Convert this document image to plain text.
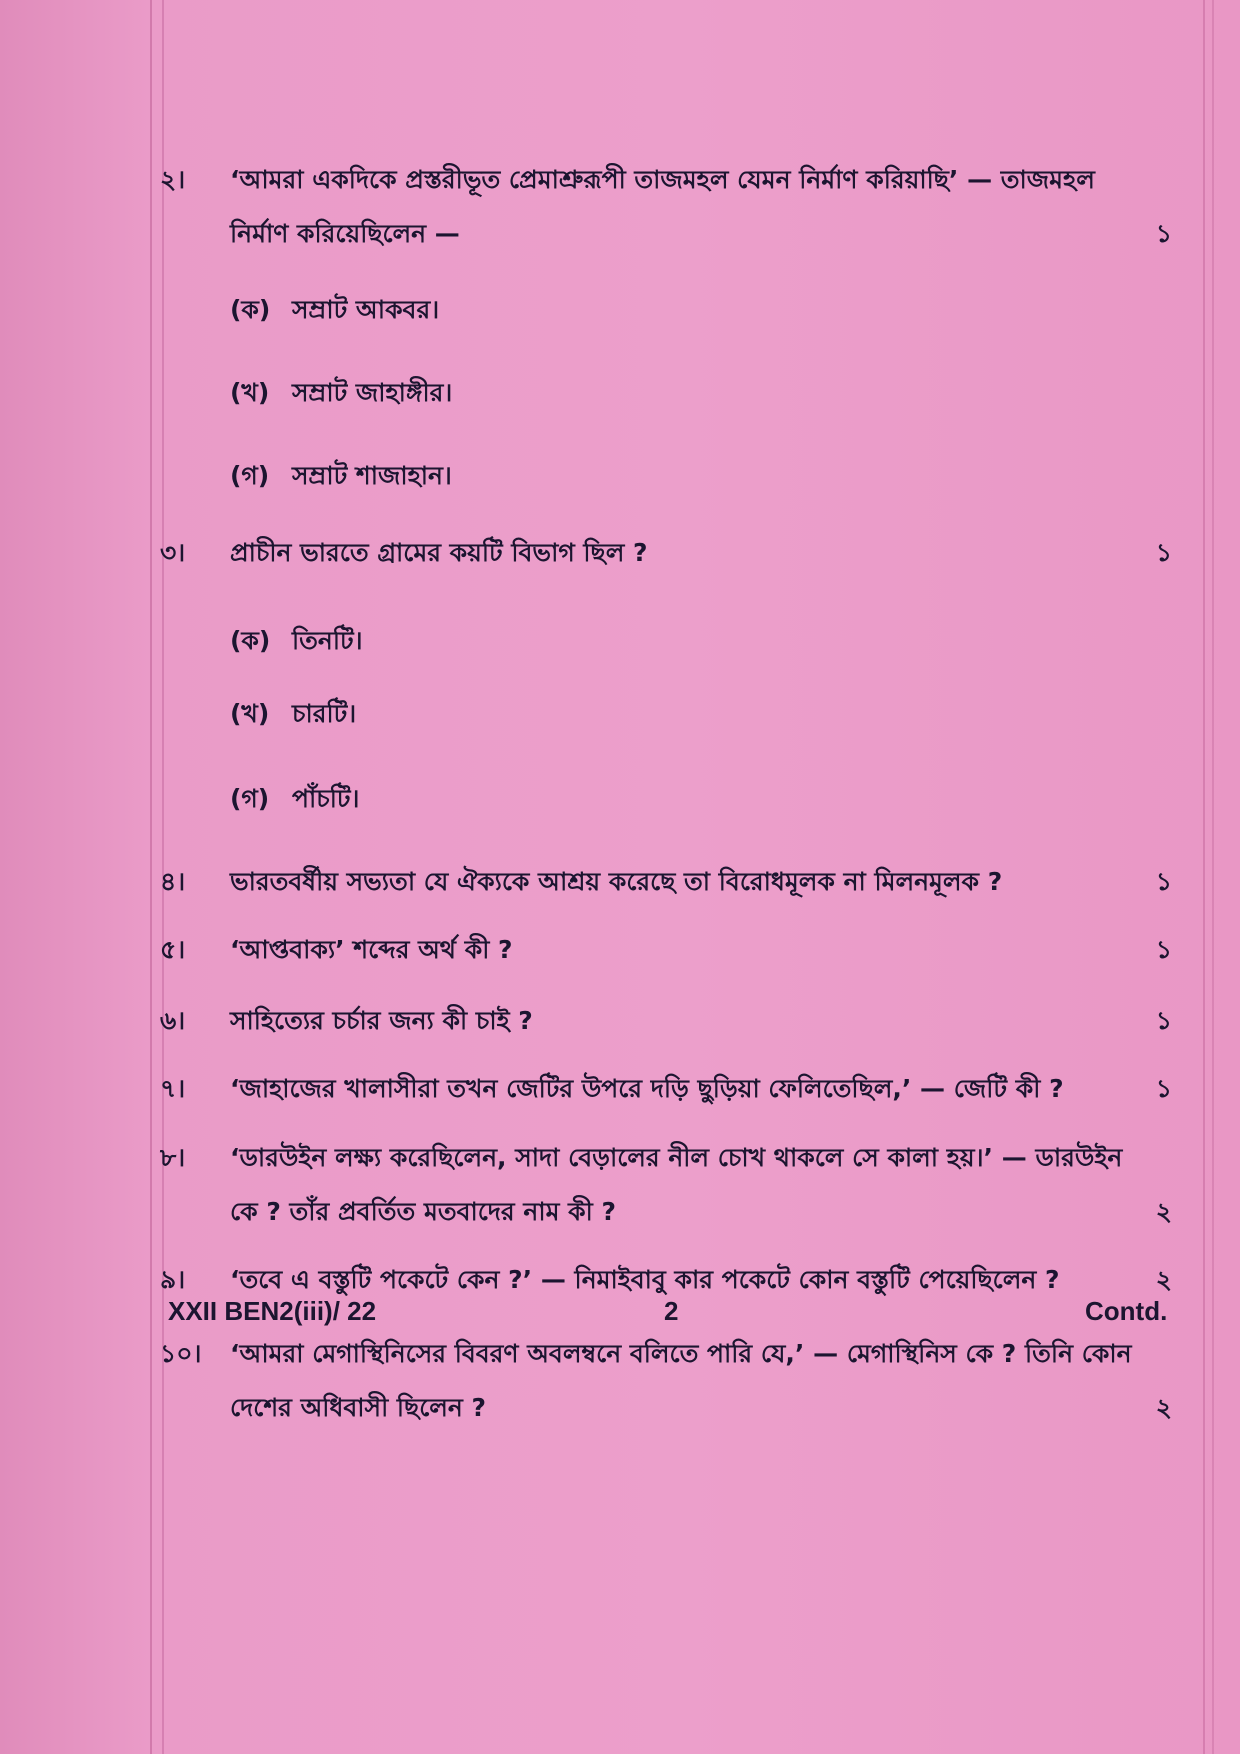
২। ‘আমরা একদিকে প্রস্তরীভূত প্রেমাশ্রুরূপী তাজমহল যেমন নির্মাণ করিয়াছি’ — তাজমহল
নির্মাণ করিয়েছিলেন —	১
(ক) সম্রাট আকবর।
(খ) সম্রাট জাহাঙ্গীর।
(গ) সম্রাট শাজাহান।
৩। প্রাচীন ভারতে গ্রামের কয়টি বিভাগ ছিল ?	১
(ক) তিনটি।
(খ) চারটি।
(গ) পাঁচটি।
৪। ভারতবর্ষীয় সভ্যতা যে ঐক্যকে আশ্রয় করেছে তা বিরোধমূলক না মিলনমূলক ?	১
৫। ‘আপ্তবাক্য’ শব্দের অর্থ কী ?	১
৬। সাহিত্যের চর্চার জন্য কী চাই ?	১
৭। ‘জাহাজের খালাসীরা তখন জেটির উপরে দড়ি ছুড়িয়া ফেলিতেছিল,’ — জেটি কী ?	১
৮। ‘ডারউইন লক্ষ্য করেছিলেন, সাদা বেড়ালের নীল চোখ থাকলে সে কালা হয়।’ — ডারউইন
কে ? তাঁর প্রবর্তিত মতবাদের নাম কী ?	২
৯। ‘তবে এ বস্তুটি পকেটে কেন ?’ — নিমাইবাবু কার পকেটে কোন বস্তুটি পেয়েছিলেন ?	২
১০। ‘আমরা মেগাস্থিনিসের বিবরণ অবলম্বনে বলিতে পারি যে,’ — মেগাস্থিনিস কে ? তিনি কোন
দেশের অধিবাসী ছিলেন ?	২
XXII BEN2(iii)/ 22	2	Contd.
